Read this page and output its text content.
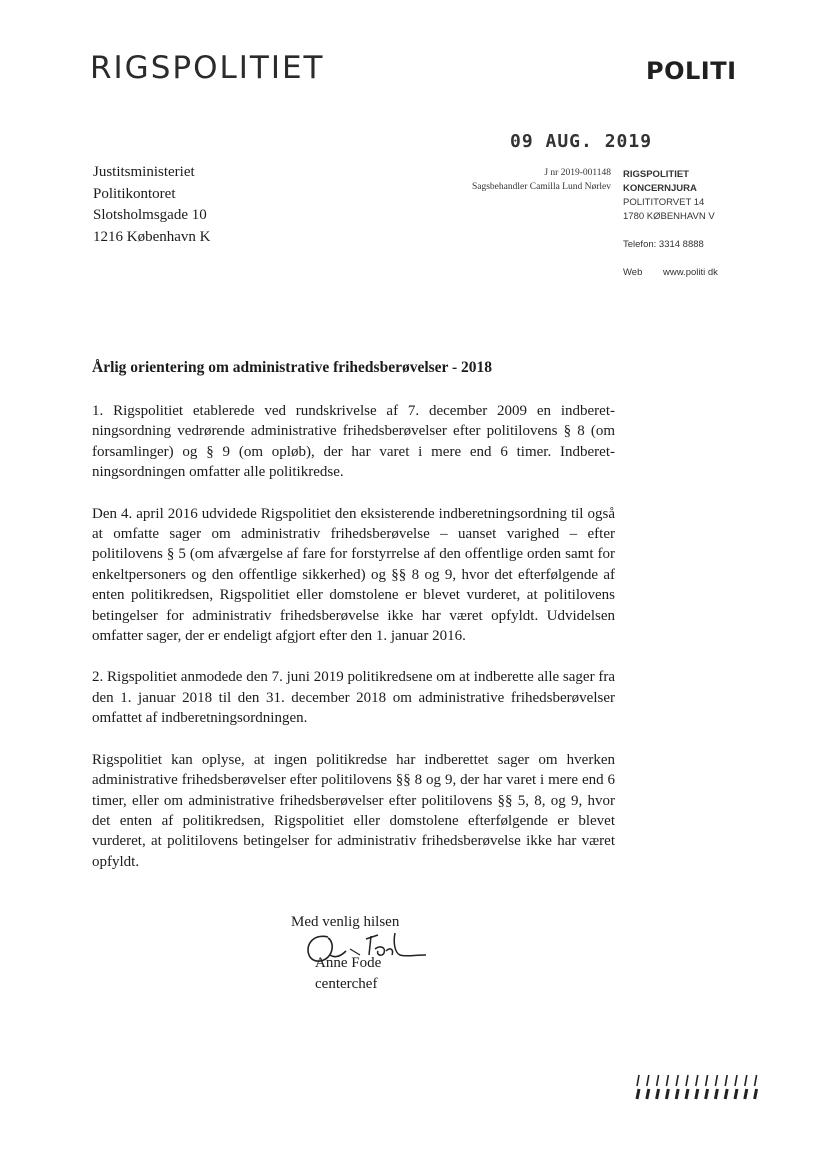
RIGSPOLITIET	POLITI
09 AUG. 2019
Justitsministeriet
Politikontoret
Slotsholmsgade 10
1216 København K
J nr 2019-001148
Sagsbehandler Camilla Lund Nørlev
RIGSPOLITIET
KONCERNJURA
POLITITORVET 14
1780 KØBENHAVN V
Telefon: 3314 8888
Web www.politi dk
Årlig orientering om administrative frihedsberøvelser - 2018

1. Rigspolitiet etablerede ved rundskrivelse af 7. december 2009 en indberetningsordning vedrørende administrative frihedsberøvelser efter politilovens § 8 (om forsamlinger) og § 9 (om opløb), der har varet i mere end 6 timer. Indberetningsordningen omfatter alle politikredse.

Den 4. april 2016 udvidede Rigspolitiet den eksisterende indberetningsordning til også at omfatte sager om administrativ frihedsberøvelse – uanset varighed – efter politilovens § 5 (om afværgelse af fare for forstyrrelse af den offentlige orden samt for enkeltpersoners og den offentlige sikkerhed) og §§ 8 og 9, hvor det efterfølgende af enten politikredsen, Rigspolitiet eller domstolene er blevet vurderet, at politilovens betingelser for administrativ frihedsberøvelse ikke har været opfyldt. Udvidelsen omfatter sager, der er endeligt afgjort efter den 1. januar 2016.

2. Rigspolitiet anmodede den 7. juni 2019 politikredsene om at indberette alle sager fra den 1. januar 2018 til den 31. december 2018 om administrative frihedsberøvelser omfattet af indberetningsordningen.

Rigspolitiet kan oplyse, at ingen politikredse har indberettet sager om hverken administrative frihedsberøvelser efter politilovens §§ 8 og 9, der har varet i mere end 6 timer, eller om administrative frihedsberøvelser efter politilovens §§ 5, 8, og 9, hvor det enten af politikredsen, Rigspolitiet eller domstolene efterfølgende er blevet vurderet, at politilovens betingelser for administrativ frihedsberøvelse ikke har været opfyldt.

Med venlig hilsen
Anne Fode
centerchef
